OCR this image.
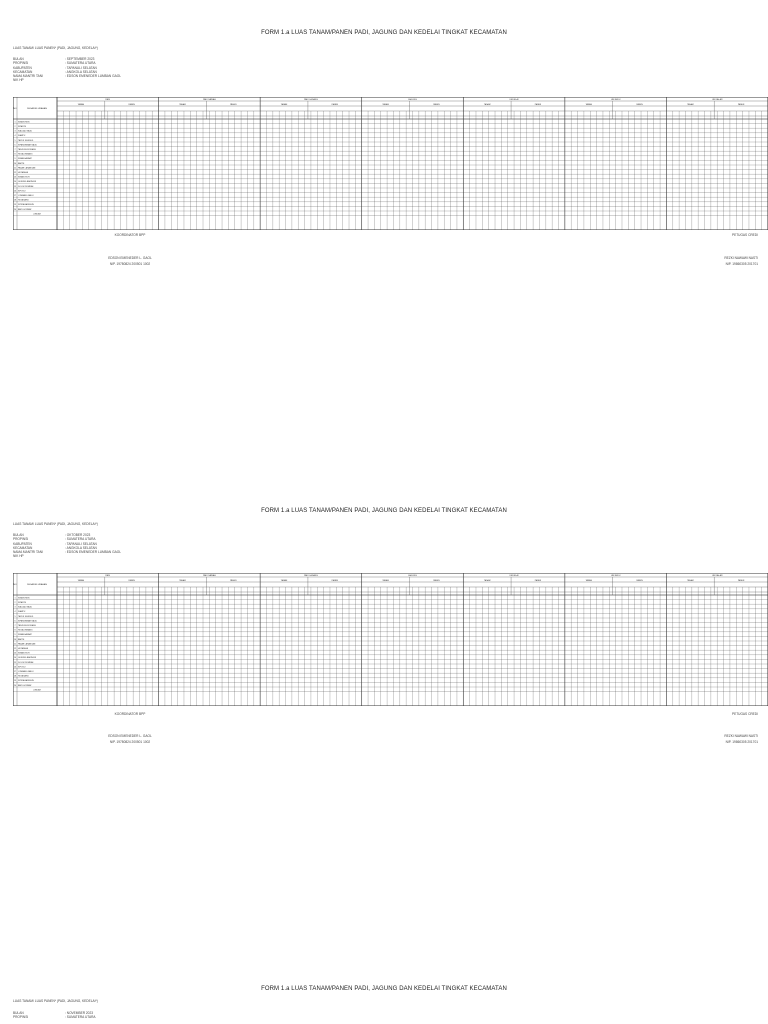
FORM 1.a LUAS TANAM/PANEN PADI, JAGUNG DAN KEDELAI TINGKAT KECAMATAN
LUAS TANAM/ LUAS PANEN* (PADI, JAGUNG, KEDELAI*)
BULAN	: SEPTEMBER 2023
PROPINSI	: SUMATERA UTARA
KABUPATEN	: TAPANULI SELATAN
KECAMATAN	: ANGKOLA SELATAN
NAMA MANTRI TANI	: EDSON EMENEDER LUMBAN GAOL
NIK HP
NO	DESA/KELURAHAN
PADI
TANAM	PANEN
PADI SAWAH
TANAM	PANEN
PADI LADANG
TANAM	PANEN
JAGUNG
TANAM	PANEN
KEDELAI
TANAM	PANEN
UBI KAYU
TANAM	PANEN
UBI JALAR
TANAM	PANEN
1 SIMATORKIS
2 SIPANTE
3 SIALI-ALI NAULI
4 SIAMPU
5 TAPUS SIGIKEUL
6 SIPANGIMBAR NAULI
7 TANJUNG MORANG
8 HUTALOMBANG
9 SIMANGAMBAT
10 BAPPE
11 PASAR LARANGAN
12 HUTARAJA
13 SIMANOSOR
14 GUNUNG BARINGIN
15 DOLOK ROMPAH
16 SIPOGU
17 LOMBANG NAULI
18 HUTA BARU
19 SIPIRA BARINGIN
20 BATU HORMAT
JUMLAH
KOORDINATOR BPP	PETUGAS CREDI
EDSON EMENEDER L. GAOL
NIP. 19780824 200501 1002
REZKI NAWAWI NASTI
NIP. 19860305 201701
FORM 1.a LUAS TANAM/PANEN PADI, JAGUNG DAN KEDELAI TINGKAT KECAMATAN
LUAS TANAM/ LUAS PANEN* (PADI, JAGUNG, KEDELAI*)
BULAN	: OKTOBER 2023
PROPINSI	: SUMATERA UTARA
KABUPATEN	: TAPANULI SELATAN
KECAMATAN	: ANGKOLA SELATAN
NAMA MANTRI TANI	: EDSON EMENEDER LUMBAN GAOL
NIK HP
NO	DESA/KELURAHAN
PADI
TANAM	PANEN
PADI SAWAH
TANAM	PANEN
PADI LADANG
TANAM	PANEN
JAGUNG
TANAM	PANEN
KEDELAI
TANAM	PANEN
UBI KAYU
TANAM	PANEN
UBI JALAR
TANAM	PANEN
1 SIMATORKIS
2 SIPANTE
3 SIALI-ALI NAULI
4 SIAMPU
5 TAPUS SIGIKEUL
6 SIPANGIMBAR NAULI
7 TANJUNG MORANG
8 HUTALOMBANG
9 SIMANGAMBAT
10 BAPPE
11 PASAR LARANGAN
12 HUTARAJA
13 SIMANOSOR
14 GUNUNG BARINGIN
15 DOLOK ROMPAH
16 SIPOGU
17 LOMBANG NAULI
18 HUTA BARU
19 SIPIRA BARINGIN
20 BATU HORMAT
JUMLAH
KOORDINATOR BPP	PETUGAS CREDI
EDSON EMENEDER L. GAOL
NIP. 19780824 200501 1002
REZKI NAWAWI NASTI
NIP. 19860305 201701
FORM 1.a LUAS TANAM/PANEN PADI, JAGUNG DAN KEDELAI TINGKAT KECAMATAN
LUAS TANAM/ LUAS PANEN* (PADI, JAGUNG, KEDELAI*)
BULAN	: NOVEMBER 2023
PROPINSI	: SUMATERA UTARA
